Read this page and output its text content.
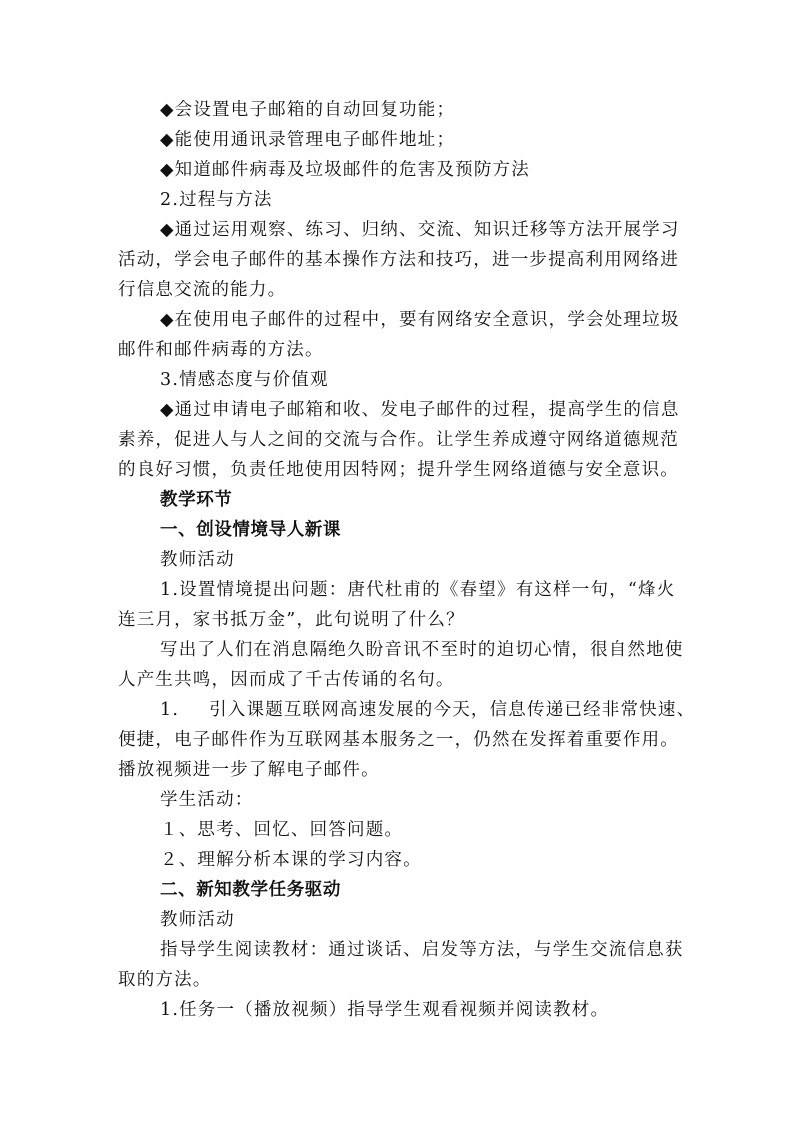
◆会设置电子邮箱的自动回复功能；
◆能使用通讯录管理电子邮件地址；
◆知道邮件病毒及垃圾邮件的危害及预防方法
2.过程与方法
◆通过运用观察、练习、归纳、交流、知识迁移等方法开展学习
活动，学会电子邮件的基本操作方法和技巧，进一步提高利用网络进
行信息交流的能力。
◆在使用电子邮件的过程中，要有网络安全意识，学会处理垃圾
邮件和邮件病毒的方法。
3.情感态度与价值观
◆通过申请电子邮箱和收、发电子邮件的过程，提高学生的信息
素养，促进人与人之间的交流与合作。让学生养成遵守网络道德规范
的良好习惯，负责任地使用因特网；提升学生网络道德与安全意识。
教学环节
一、创设情境导人新课
教师活动
1.设置情境提出问题：唐代杜甫的《春望》有这样一句，“烽火
连三月，家书抵万金”，此句说明了什么？
写出了人们在消息隔绝久盼音讯不至时的迫切心情，很自然地使
人产生共鸣，因而成了千古传诵的名句。
1. 引入课题互联网高速发展的今天，信息传递已经非常快速、
便捷，电子邮件作为互联网基本服务之一，仍然在发挥着重要作用。
播放视频进一步了解电子邮件。
学生活动：
１、思考、回忆、回答问题。
２、理解分析本课的学习内容。
二、新知教学任务驱动
教师活动
指导学生阅读教材：通过谈话、启发等方法，与学生交流信息获
取的方法。
1.任务一（播放视频）指导学生观看视频并阅读教材。
